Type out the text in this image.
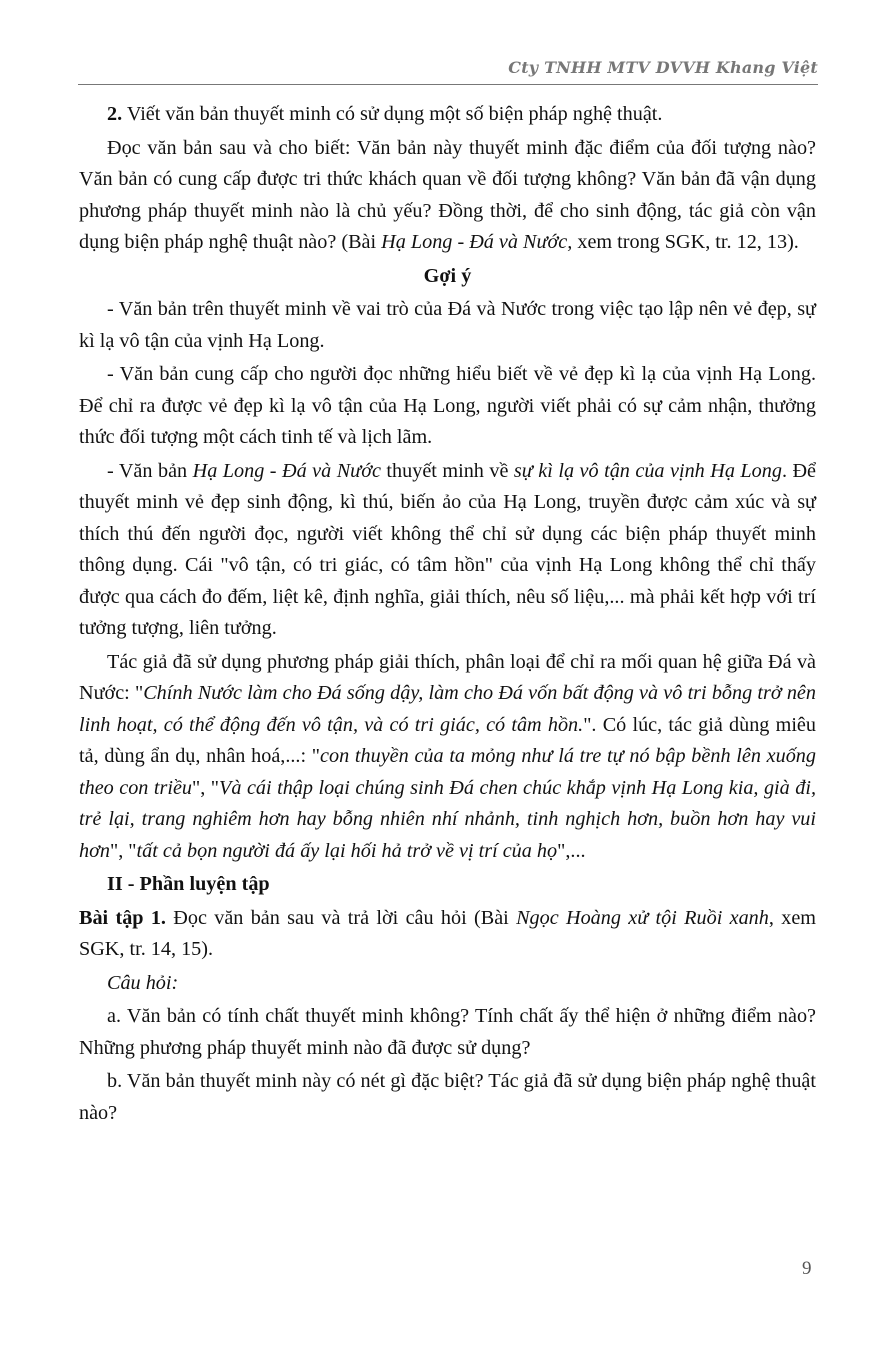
Cty TNHH MTV DVVH Khang Việt

2. Viết văn bản thuyết minh có sử dụng một số biện pháp nghệ thuật.

Đọc văn bản sau và cho biết: Văn bản này thuyết minh đặc điểm của đối tượng nào? Văn bản có cung cấp được tri thức khách quan về đối tượng không? Văn bản đã vận dụng phương pháp thuyết minh nào là chủ yếu? Đồng thời, để cho sinh động, tác giả còn vận dụng biện pháp nghệ thuật nào? (Bài Hạ Long - Đá và Nước, xem trong SGK, tr. 12, 13).

Gợi ý

- Văn bản trên thuyết minh về vai trò của Đá và Nước trong việc tạo lập nên vẻ đẹp, sự kì lạ vô tận của vịnh Hạ Long.

- Văn bản cung cấp cho người đọc những hiểu biết về vẻ đẹp kì lạ của vịnh Hạ Long. Để chỉ ra được vẻ đẹp kì lạ vô tận của Hạ Long, người viết phải có sự cảm nhận, thưởng thức đối tượng một cách tinh tế và lịch lãm.

- Văn bản Hạ Long - Đá và Nước thuyết minh về sự kì lạ vô tận của vịnh Hạ Long. Để thuyết minh vẻ đẹp sinh động, kì thú, biến ảo của Hạ Long, truyền được cảm xúc và sự thích thú đến người đọc, người viết không thể chỉ sử dụng các biện pháp thuyết minh thông dụng. Cái "vô tận, có tri giác, có tâm hồn" của vịnh Hạ Long không thể chỉ thấy được qua cách đo đếm, liệt kê, định nghĩa, giải thích, nêu số liệu,... mà phải kết hợp với trí tưởng tượng, liên tưởng.

Tác giả đã sử dụng phương pháp giải thích, phân loại để chỉ ra mối quan hệ giữa Đá và Nước: "Chính Nước làm cho Đá sống dậy, làm cho Đá vốn bất động và vô tri bỗng trở nên linh hoạt, có thể động đến vô tận, và có tri giác, có tâm hồn.". Có lúc, tác giả dùng miêu tả, dùng ẩn dụ, nhân hoá,...: "con thuyền của ta mỏng như lá tre tự nó bập bềnh lên xuống theo con triều", "Và cái thập loại chúng sinh Đá chen chúc khắp vịnh Hạ Long kia, già đi, trẻ lại, trang nghiêm hơn hay bỗng nhiên nhí nhảnh, tinh nghịch hơn, buồn hơn hay vui hơn", "tất cả bọn người đá ấy lại hối hả trở về vị trí của họ",...

II - Phần luyện tập

Bài tập 1. Đọc văn bản sau và trả lời câu hỏi (Bài Ngọc Hoàng xử tội Ruồi xanh, xem SGK, tr. 14, 15).

Câu hỏi:

a. Văn bản có tính chất thuyết minh không? Tính chất ấy thể hiện ở những điểm nào? Những phương pháp thuyết minh nào đã được sử dụng?

b. Văn bản thuyết minh này có nét gì đặc biệt? Tác giả đã sử dụng biện pháp nghệ thuật nào?

9
